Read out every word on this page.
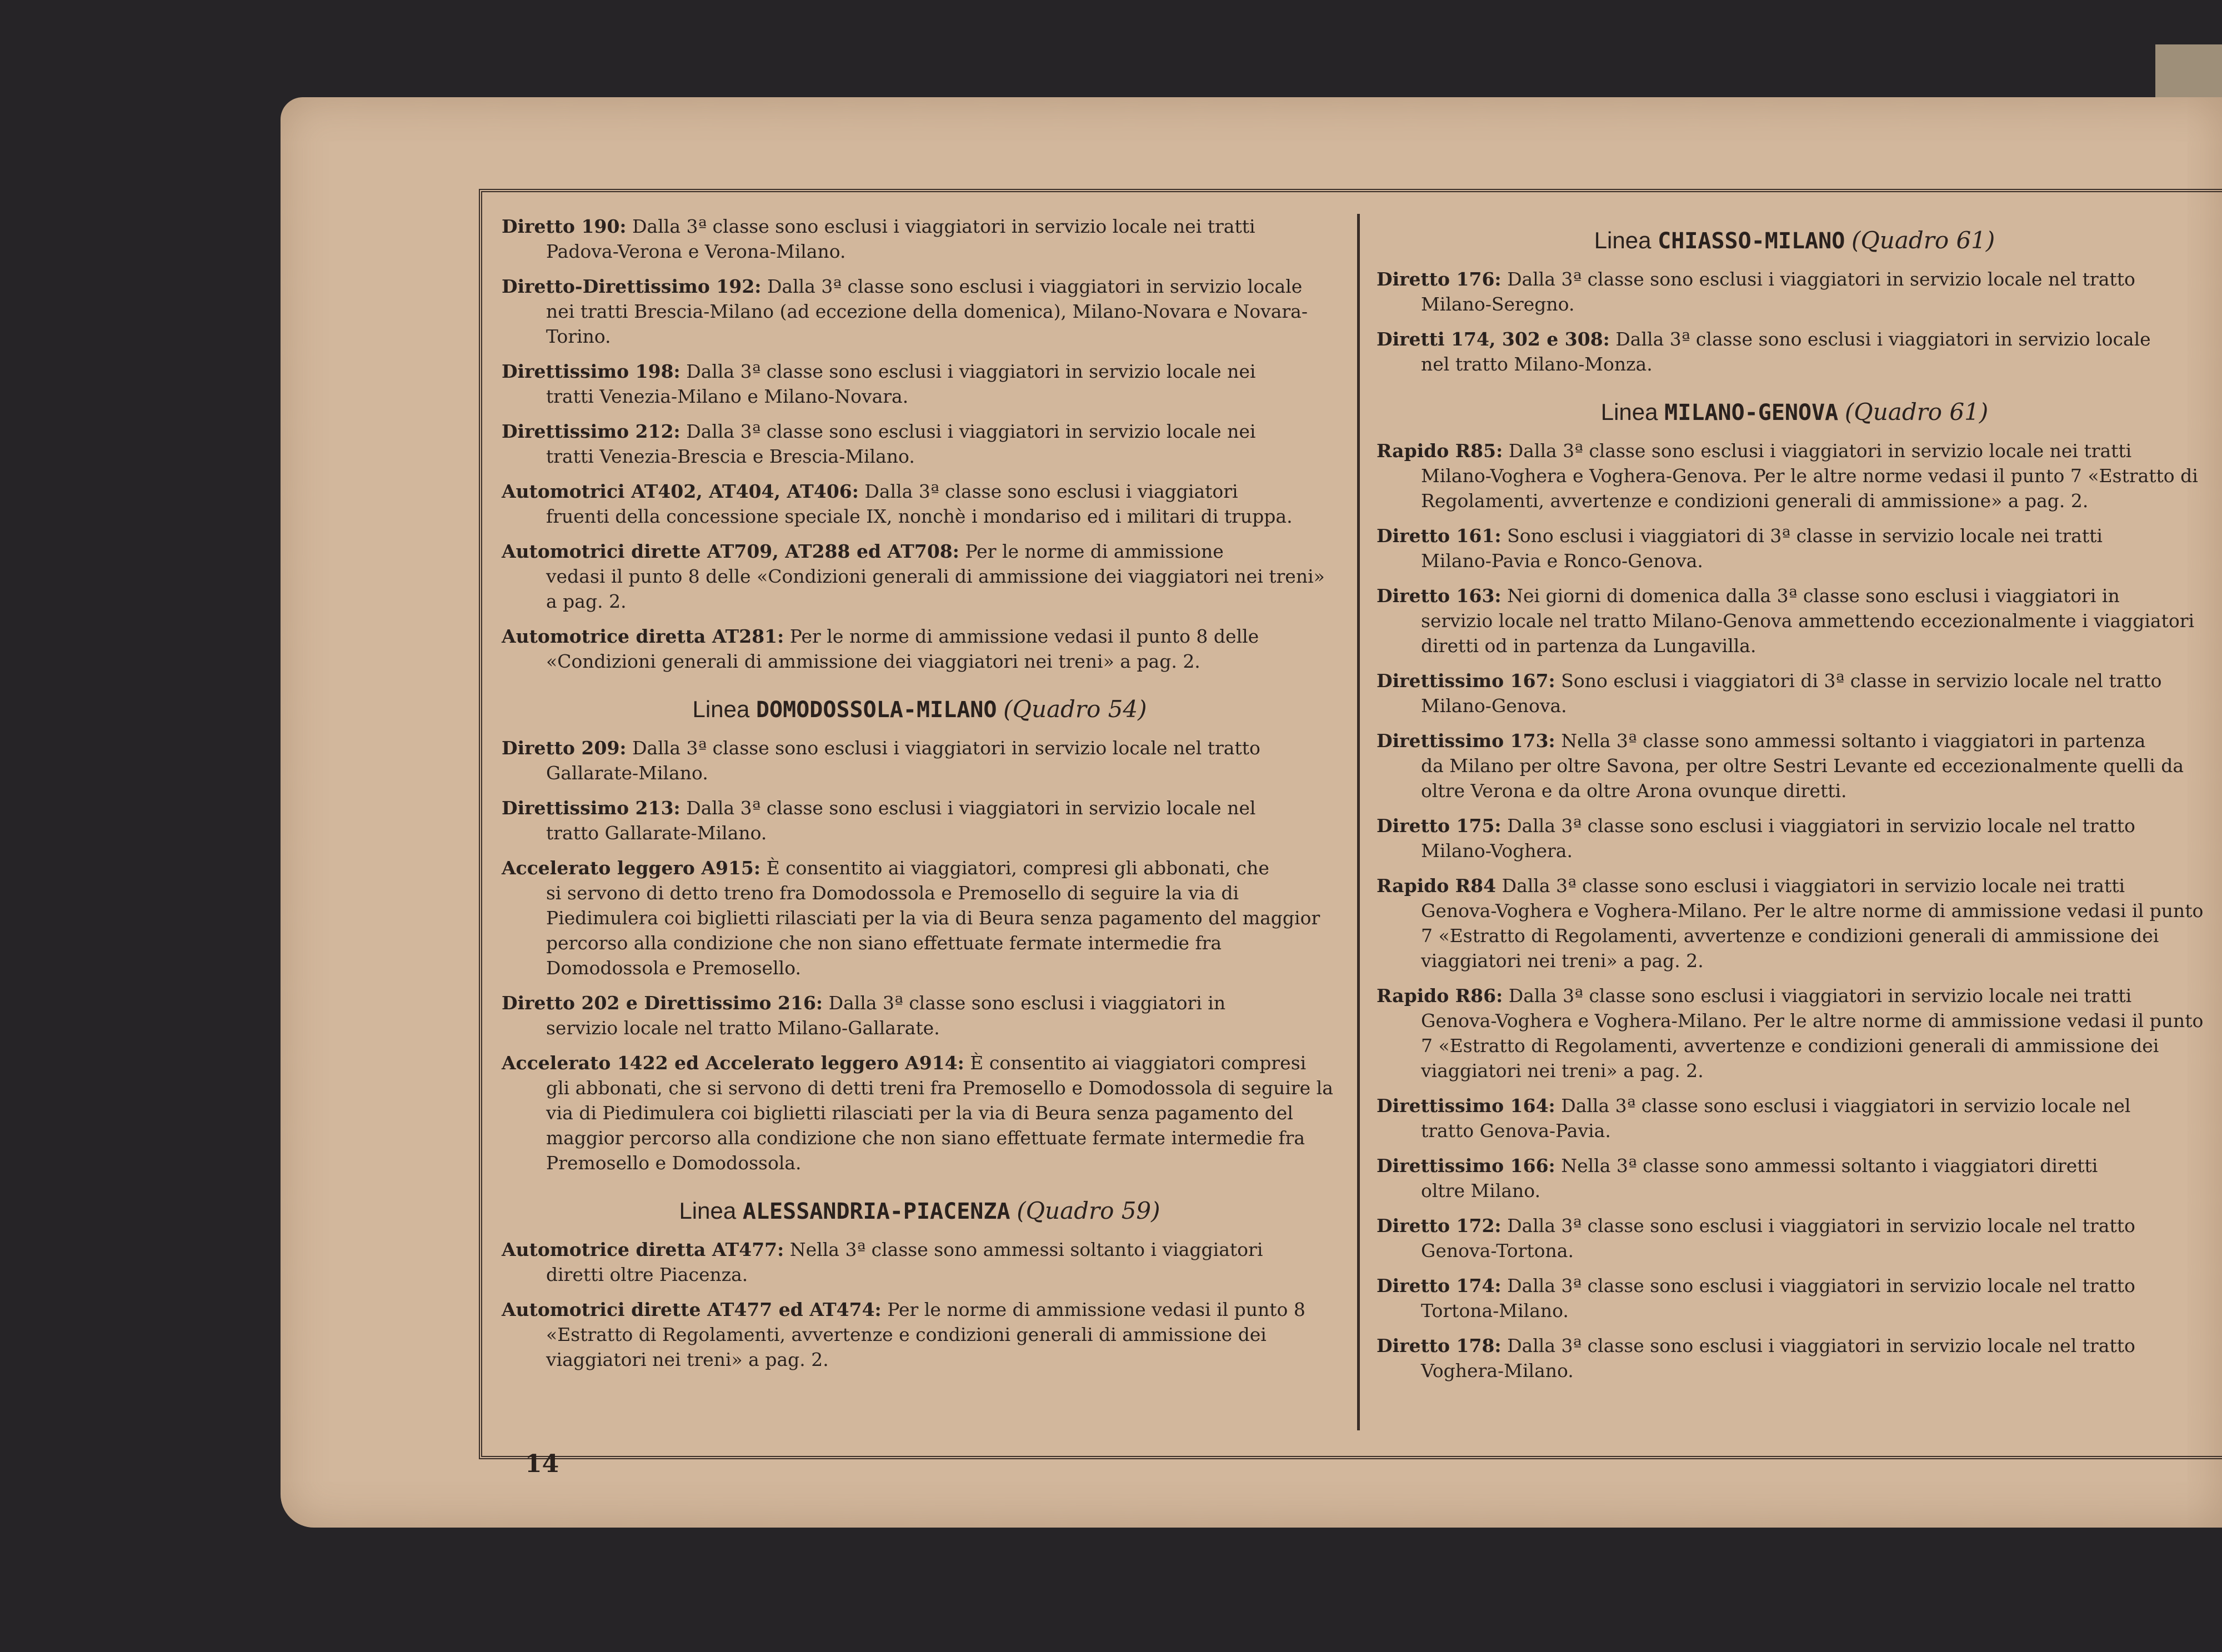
Diretto 190: Dalla 3ª classe sono esclusi i viaggiatori in servizio locale nei tratti
Padova-Verona e Verona-Milano.
Diretto-Direttissimo 192: Dalla 3ª classe sono esclusi i viaggiatori in servizio locale
nei tratti Brescia-Milano (ad eccezione della domenica), Milano-Novara e Novara-Torino.
Direttissimo 198: Dalla 3ª classe sono esclusi i viaggiatori in servizio locale nei
tratti Venezia-Milano e Milano-Novara.
Direttissimo 212: Dalla 3ª classe sono esclusi i viaggiatori in servizio locale nei
tratti Venezia-Brescia e Brescia-Milano.
Automotrici AT402, AT404, AT406: Dalla 3ª classe sono esclusi i viaggiatori
fruenti della concessione speciale IX, nonchè i mondariso ed i militari di truppa.
Automotrici dirette AT709, AT288 ed AT708: Per le norme di ammissione
vedasi il punto 8 delle «Condizioni generali di ammissione dei viaggiatori nei treni» a pag. 2.
Automotrice diretta AT281: Per le norme di ammissione vedasi il punto 8 delle
«Condizioni generali di ammissione dei viaggiatori nei treni» a pag. 2.
Linea DOMODOSSOLA-MILANO (Quadro 54)
Diretto 209: Dalla 3ª classe sono esclusi i viaggiatori in servizio locale nel tratto
Gallarate-Milano.
Direttissimo 213: Dalla 3ª classe sono esclusi i viaggiatori in servizio locale nel
tratto Gallarate-Milano.
Accelerato leggero A915: È consentito ai viaggiatori, compresi gli abbonati, che
si servono di detto treno fra Domodossola e Premosello di seguire la via di Piedimulera coi biglietti rilasciati per la via di Beura senza pagamento del maggior percorso alla condizione che non siano effettuate fermate intermedie fra Domodossola e Premosello.
Diretto 202 e Direttissimo 216: Dalla 3ª classe sono esclusi i viaggiatori in
servizio locale nel tratto Milano-Gallarate.
Accelerato 1422 ed Accelerato leggero A914: È consentito ai viaggiatori compresi
gli abbonati, che si servono di detti treni fra Premosello e Domodossola di seguire la via di Piedimulera coi biglietti rilasciati per la via di Beura senza pagamento del maggior percorso alla condizione che non siano effettuate fermate intermedie fra Premosello e Domodossola.
Linea ALESSANDRIA-PIACENZA (Quadro 59)
Automotrice diretta AT477: Nella 3ª classe sono ammessi soltanto i viaggiatori
diretti oltre Piacenza.
Automotrici dirette AT477 ed AT474: Per le norme di ammissione vedasi il punto 8
«Estratto di Regolamenti, avvertenze e condizioni generali di ammissione dei viaggiatori nei treni» a pag. 2.
Linea CHIASSO-MILANO (Quadro 61)
Diretto 176: Dalla 3ª classe sono esclusi i viaggiatori in servizio locale nel tratto
Milano-Seregno.
Diretti 174, 302 e 308: Dalla 3ª classe sono esclusi i viaggiatori in servizio locale
nel tratto Milano-Monza.
Linea MILANO-GENOVA (Quadro 61)
Rapido R85: Dalla 3ª classe sono esclusi i viaggiatori in servizio locale nei tratti
Milano-Voghera e Voghera-Genova. Per le altre norme vedasi il punto 7 «Estratto di Regolamenti, avvertenze e condizioni generali di ammissione» a pag. 2.
Diretto 161: Sono esclusi i viaggiatori di 3ª classe in servizio locale nei tratti
Milano-Pavia e Ronco-Genova.
Diretto 163: Nei giorni di domenica dalla 3ª classe sono esclusi i viaggiatori in
servizio locale nel tratto Milano-Genova ammettendo eccezionalmente i viaggiatori diretti od in partenza da Lungavilla.
Direttissimo 167: Sono esclusi i viaggiatori di 3ª classe in servizio locale nel tratto
Milano-Genova.
Direttissimo 173: Nella 3ª classe sono ammessi soltanto i viaggiatori in partenza
da Milano per oltre Savona, per oltre Sestri Levante ed eccezionalmente quelli da oltre Verona e da oltre Arona ovunque diretti.
Diretto 175: Dalla 3ª classe sono esclusi i viaggiatori in servizio locale nel tratto
Milano-Voghera.
Rapido R84 Dalla 3ª classe sono esclusi i viaggiatori in servizio locale nei tratti
Genova-Voghera e Voghera-Milano. Per le altre norme di ammissione vedasi il punto 7 «Estratto di Regolamenti, avvertenze e condizioni generali di ammissione dei viaggiatori nei treni» a pag. 2.
Rapido R86: Dalla 3ª classe sono esclusi i viaggiatori in servizio locale nei tratti
Genova-Voghera e Voghera-Milano. Per le altre norme di ammissione vedasi il punto 7 «Estratto di Regolamenti, avvertenze e condizioni generali di ammissione dei viaggiatori nei treni» a pag. 2.
Direttissimo 164: Dalla 3ª classe sono esclusi i viaggiatori in servizio locale nel
tratto Genova-Pavia.
Direttissimo 166: Nella 3ª classe sono ammessi soltanto i viaggiatori diretti
oltre Milano.
Diretto 172: Dalla 3ª classe sono esclusi i viaggiatori in servizio locale nel tratto
Genova-Tortona.
Diretto 174: Dalla 3ª classe sono esclusi i viaggiatori in servizio locale nel tratto
Tortona-Milano.
Diretto 178: Dalla 3ª classe sono esclusi i viaggiatori in servizio locale nel tratto
Voghera-Milano.
14
